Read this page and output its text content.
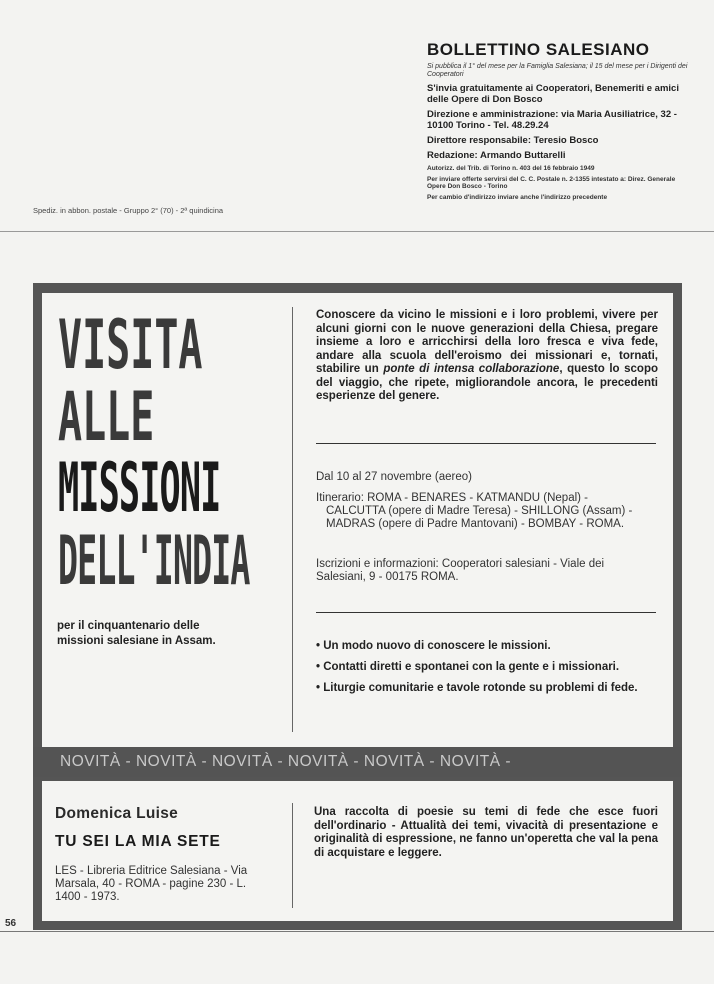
BOLLETTINO SALESIANO
Si pubblica il 1° del mese per la Famiglia Salesiana; il 15 del mese per i Dirigenti dei Cooperatori
S'invia gratuitamente ai Cooperatori, Benemeriti e amici delle Opere di Don Bosco
Direzione e amministrazione: via Maria Ausiliatrice, 32 - 10100 Torino - Tel. 48.29.24
Direttore responsabile: Teresio Bosco
Redazione: Armando Buttarelli
Autorizz. del Trib. di Torino n. 403 del 16 febbraio 1949
Per inviare offerte servirsi del C. C. Postale n. 2-1355 intestato a: Direz. Generale Opere Don Bosco - Torino
Per cambio d'indirizzo inviare anche l'indirizzo precedente
Spediz. in abbon. postale - Gruppo 2° (70) - 2ª quindicina
NOVITÀ - NOVITÀ - NOVITÀ - NOVITÀ - NOVITÀ - NOVITÀ -
VISITA
ALLE
MISSIONI
DELL'INDIA
per il cinquantenario delle missioni salesiane in Assam.
Conoscere da vicino le missioni e i loro problemi, vivere per alcuni giorni con le nuove generazioni della Chiesa, pregare insieme a loro e arricchirsi della loro fresca e viva fede, andare alla scuola dell'eroismo dei missionari e, tornati, stabilire un ponte di intensa collaborazione, questo lo scopo del viaggio, che ripete, migliorandole ancora, le precedenti esperienze del genere.
Dal 10 al 27 novembre (aereo)
Itinerario: ROMA - BENARES - KATMANDU (Nepal) -
CALCUTTA (opere di Madre Teresa) - SHILLONG (Assam) - MADRAS (opere di Padre Mantovani) - BOMBAY - ROMA.
Iscrizioni e informazioni: Cooperatori salesiani - Viale dei
Salesiani, 9 - 00175 ROMA.
• Un modo nuovo di conoscere le missioni.
• Contatti diretti e spontanei con la gente e i missionari.
• Liturgie comunitarie e tavole rotonde su problemi di fede.
Domenica Luise
TU SEI LA MIA SETE
LES - Libreria Editrice Salesiana - Via Marsala, 40 - ROMA - pagine 230 - L. 1400 - 1973.
Una raccolta di poesie su temi di fede che esce fuori dell'ordinario - Attualità dei temi, vivacità di presentazione e originalità di espressione, ne fanno un'operetta che val la pena di acquistare e leggere.
56
